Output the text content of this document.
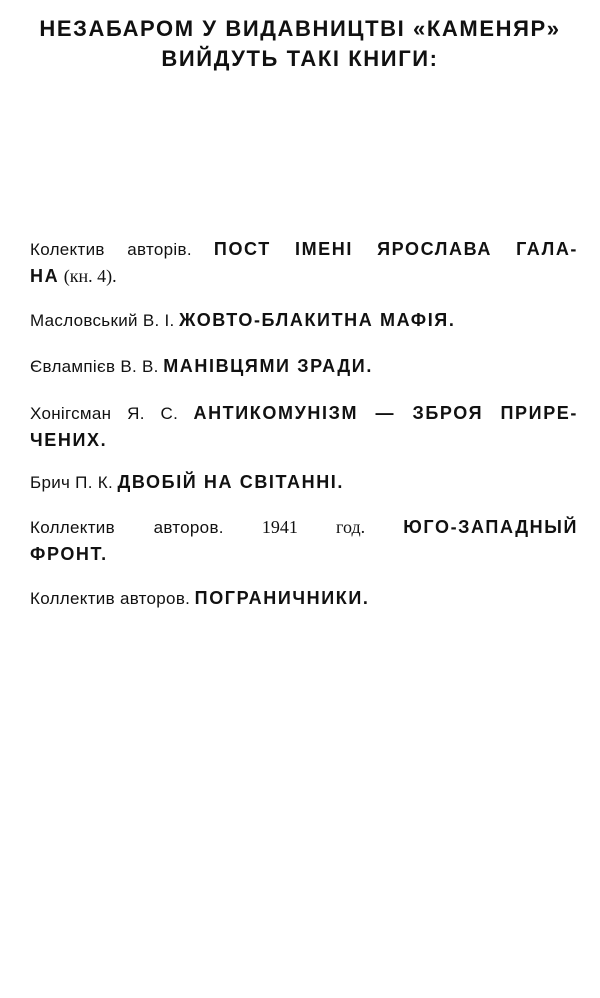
НЕЗАБАРОМ У ВИДАВНИЦТВІ «КАМЕНЯР»
ВИЙДУТЬ ТАКІ КНИГИ:
Колектив авторів. ПОСТ ІМЕНІ ЯРОСЛАВА ГАЛА-
НА (кн. 4).
Масловський В. І. ЖОВТО-БЛАКИТНА МАФІЯ.
Євлампієв В. В. МАНІВЦЯМИ ЗРАДИ.
Хонігсман Я. С. АНТИКОМУНІЗМ — ЗБРОЯ ПРИРЕ-
ЧЕНИХ.
Брич П. К. ДВОБІЙ НА СВІТАННІ.
Коллектив авторов. 1941 год. ЮГО-ЗАПАДНЫЙ
ФРОНТ.
Коллектив авторов. ПОГРАНИЧНИКИ.
